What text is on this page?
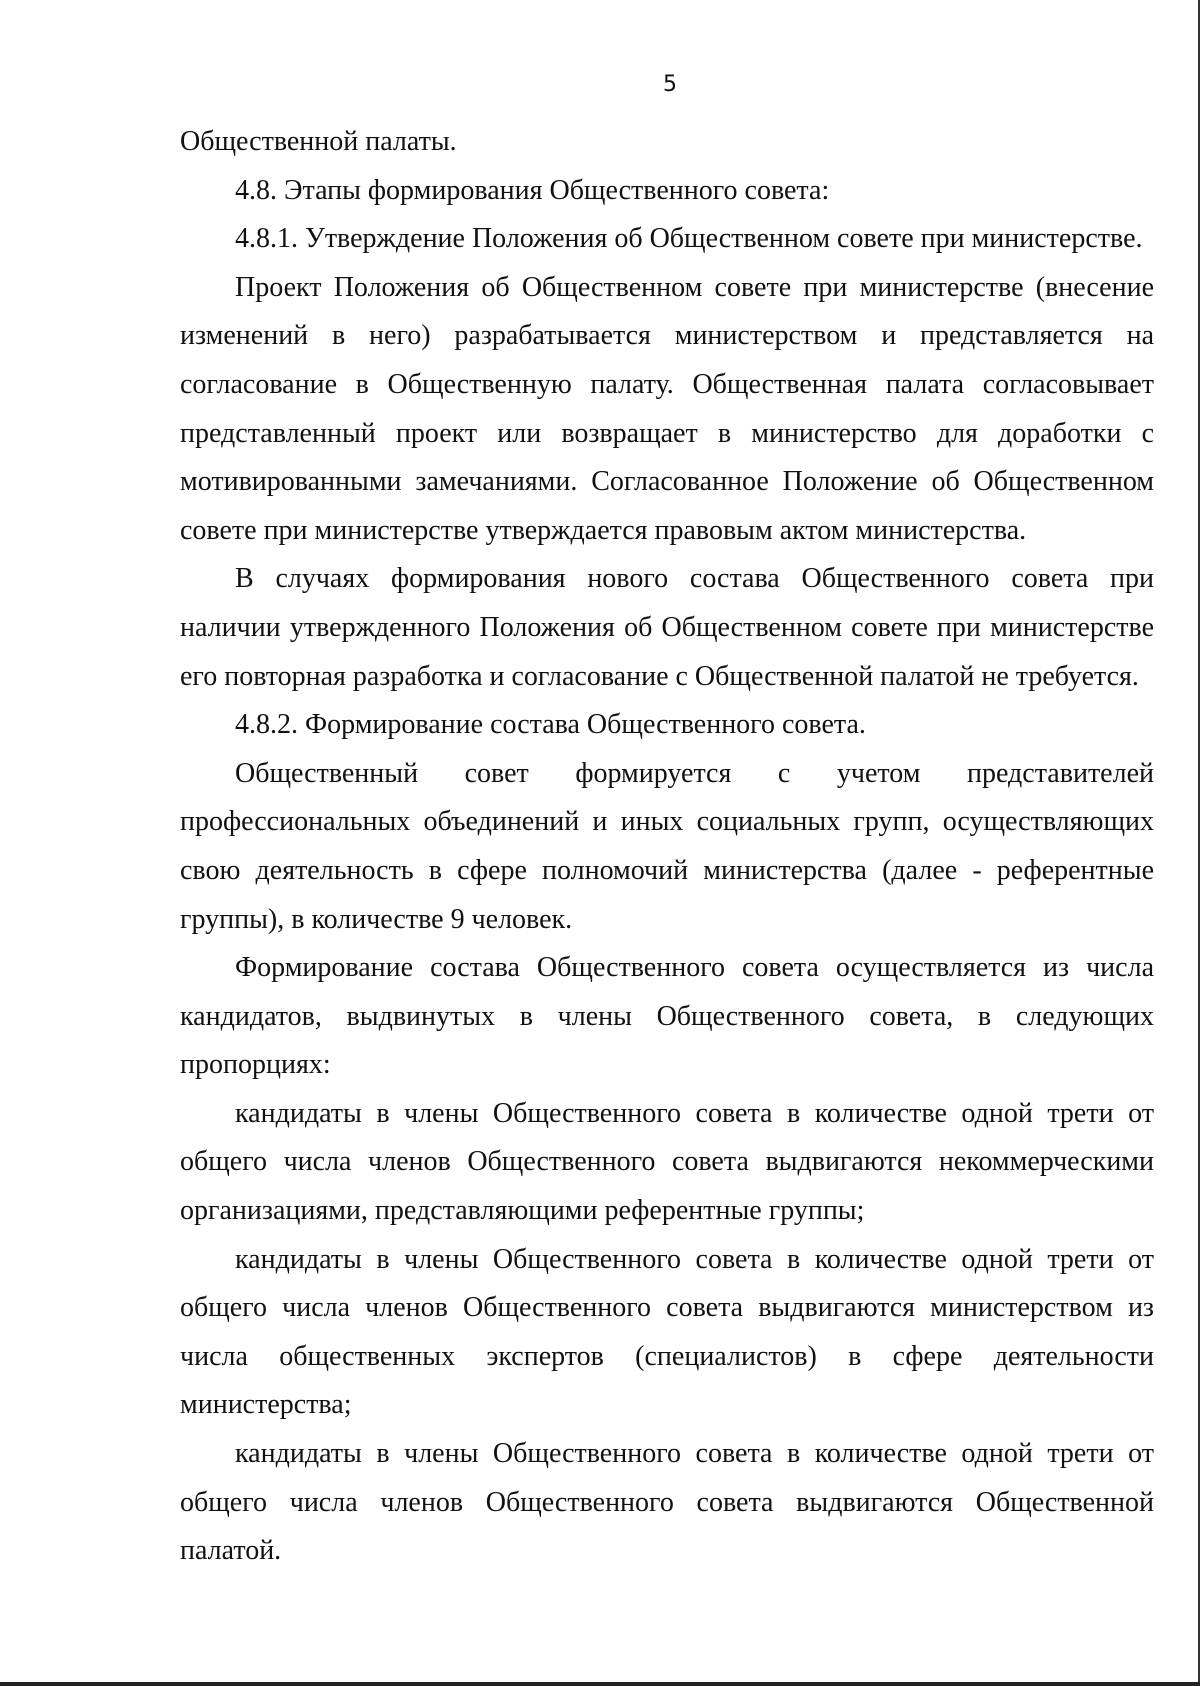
5

Общественной палаты.

4.8. Этапы формирования Общественного совета:

4.8.1. Утверждение Положения об Общественном совете при министерстве.

Проект Положения об Общественном совете при министерстве (внесение изменений в него) разрабатывается министерством и представляется на согласование в Общественную палату. Общественная палата согласовывает представленный проект или возвращает в министерство для доработки с мотивированными замечаниями. Согласованное Положение об Общественном совете при министерстве утверждается правовым актом министерства.

В случаях формирования нового состава Общественного совета при наличии утвержденного Положения об Общественном совете при министерстве его повторная разработка и согласование с Общественной палатой не требуется.

4.8.2. Формирование состава Общественного совета.

Общественный совет формируется с учетом представителей профессиональных объединений и иных социальных групп, осуществляющих свою деятельность в сфере полномочий министерства (далее - референтные группы), в количестве 9 человек.

Формирование состава Общественного совета осуществляется из числа кандидатов, выдвинутых в члены Общественного совета, в следующих пропорциях:

кандидаты в члены Общественного совета в количестве одной трети от общего числа членов Общественного совета выдвигаются некоммерческими организациями, представляющими референтные группы;

кандидаты в члены Общественного совета в количестве одной трети от общего числа членов Общественного совета выдвигаются министерством из числа общественных экспертов (специалистов) в сфере деятельности министерства;

кандидаты в члены Общественного совета в количестве одной трети от общего числа членов Общественного совета выдвигаются Общественной палатой.
